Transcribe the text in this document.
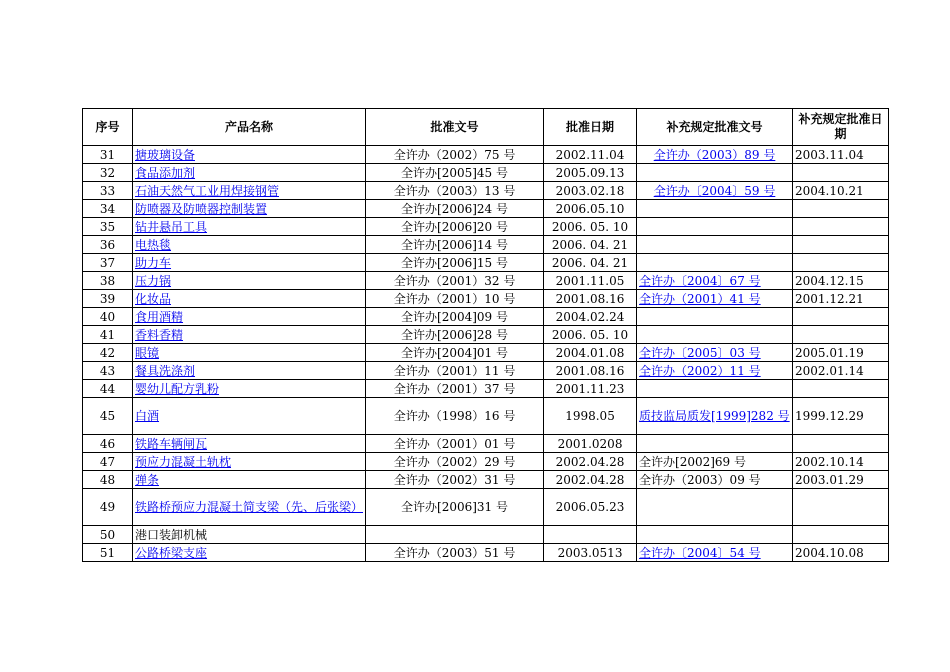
序号	产品名称	批准文号	批准日期	补充规定批准文号	补充规定批准日期
31	搪玻璃设备	全许办（2002）75 号	2002.11.04	全许办（2003）89 号	2003.11.04
32	食品添加剂	全许办[2005]45 号	2005.09.13		
33	石油天然气工业用焊接钢管	全许办（2003）13 号	2003.02.18	全许办〔2004〕59 号	2004.10.21
34	防喷器及防喷器控制装置	全许办[2006]24 号	2006.05.10		
35	钻井悬吊工具	全许办[2006]20 号	2006. 05. 10		
36	电热毯	全许办[2006]14 号	2006. 04. 21		
37	助力车	全许办[2006]15 号	2006. 04. 21		
38	压力锅	全许办（2001）32 号	2001.11.05	全许办〔2004〕67 号	2004.12.15
39	化妆品	全许办（2001）10 号	2001.08.16	全许办（2001）41 号	2001.12.21
40	食用酒精	全许办[2004]09 号	2004.02.24		
41	香料香精	全许办[2006]28 号	2006. 05. 10		
42	眼镜	全许办[2004]01 号	2004.01.08	全许办〔2005〕03 号	2005.01.19
43	餐具洗涤剂	全许办（2001）11 号	2001.08.16	全许办（2002）11 号	2002.01.14
44	婴幼儿配方乳粉	全许办（2001）37 号	2001.11.23		
45	白酒	全许办（1998）16 号	1998.05	质技监局质发[1999]282 号	1999.12.29
46	铁路车辆闸瓦	全许办（2001）01 号	2001.0208		
47	预应力混凝土轨枕	全许办（2002）29 号	2002.04.28	全许办[2002]69 号	2002.10.14
48	弹条	全许办（2002）31 号	2002.04.28	全许办（2003）09 号	2003.01.29
49	铁路桥预应力混凝土简支梁（先、后张梁）	全许办[2006]31 号	2006.05.23		
50	港口装卸机械				
51	公路桥梁支座	全许办（2003）51 号	2003.0513	全许办〔2004〕54 号	2004.10.08
